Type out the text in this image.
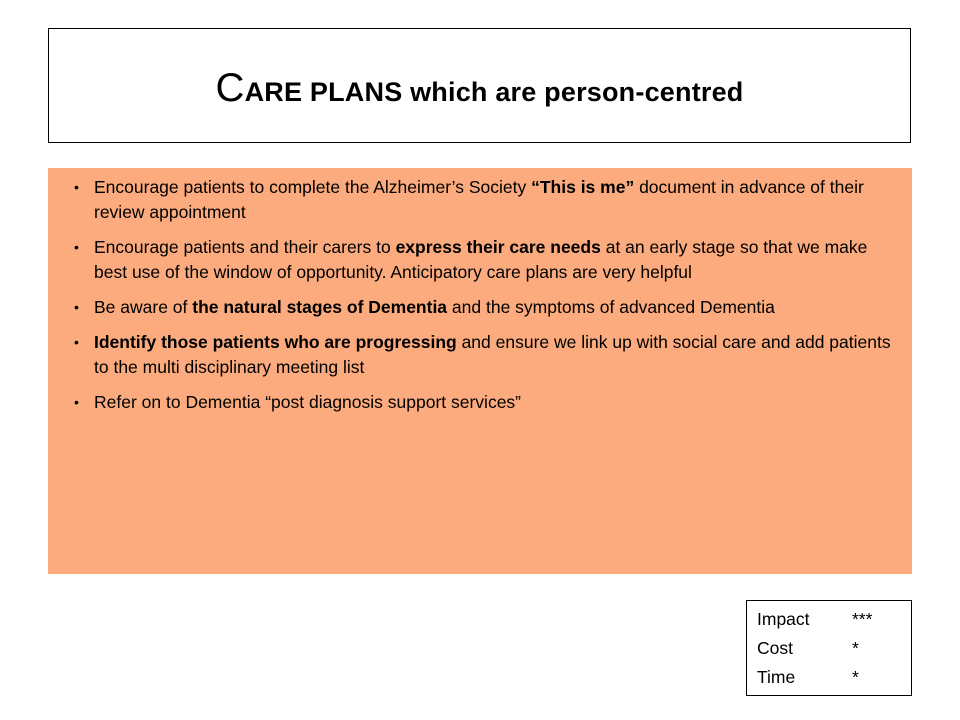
CARE PLANS which are person-centred
• Encourage patients to complete the Alzheimer’s Society “This is me” document in advance of their review appointment
• Encourage patients and their carers to express their care needs at an early stage so that we make best use of the window of opportunity. Anticipatory care plans are very helpful
• Be aware of the natural stages of Dementia and the symptoms of advanced Dementia
• Identify those patients who are progressing and ensure we link up with social care and add patients to the multi disciplinary meeting list
• Refer on to Dementia “post diagnosis support services”
Impact	***
Cost	*
Time	*
